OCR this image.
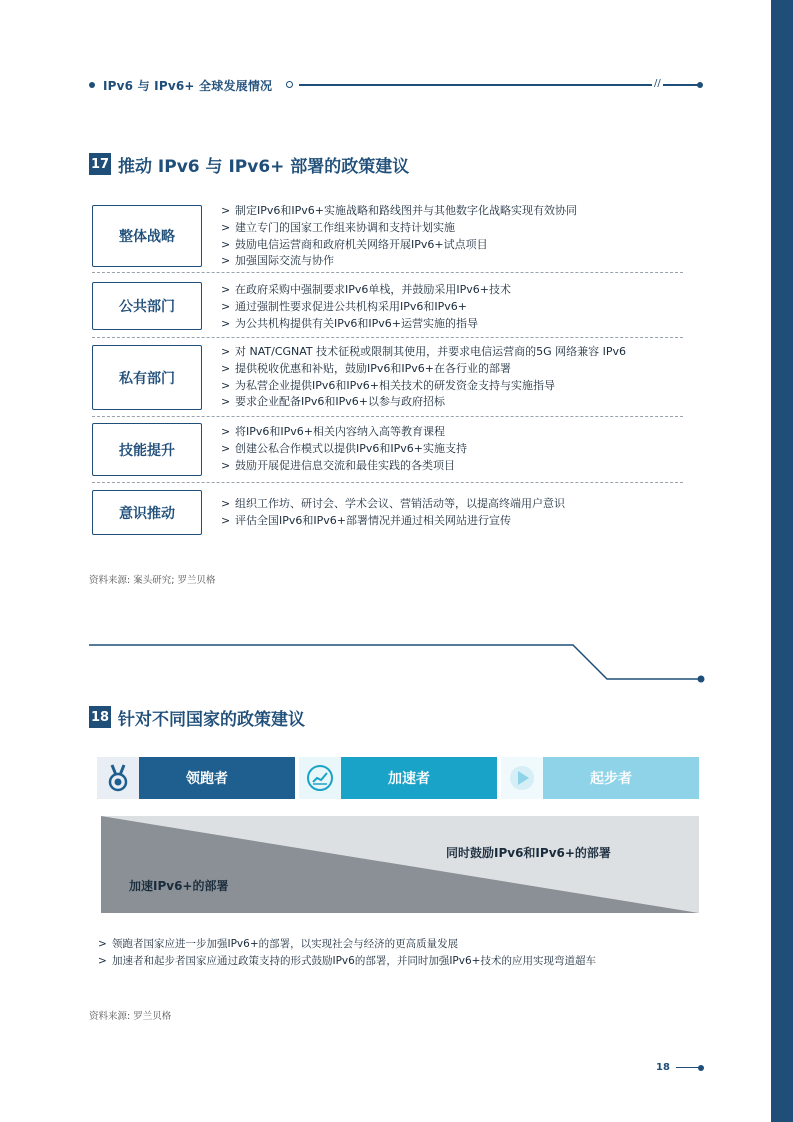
IPv6 与 IPv6+ 全球发展情况	//
17 推动 IPv6 与 IPv6+ 部署的政策建议
整体战略
> 制定IPv6和IPv6+实施战略和路线图并与其他数字化战略实现有效协同
> 建立专门的国家工作组来协调和支持计划实施
> 鼓励电信运营商和政府机关网络开展IPv6+试点项目
> 加强国际交流与协作
公共部门
> 在政府采购中强制要求IPv6单栈，并鼓励采用IPv6+技术
> 通过强制性要求促进公共机构采用IPv6和IPv6+
> 为公共机构提供有关IPv6和IPv6+运营实施的指导
私有部门
> 对 NAT/CGNAT 技术征税或限制其使用，并要求电信运营商的5G 网络兼容 IPv6
> 提供税收优惠和补贴，鼓励IPv6和IPv6+在各行业的部署
> 为私营企业提供IPv6和IPv6+相关技术的研发资金支持与实施指导
> 要求企业配备IPv6和IPv6+以参与政府招标
技能提升
> 将IPv6和IPv6+相关内容纳入高等教育课程
> 创建公私合作模式以提供IPv6和IPv6+实施支持
> 鼓励开展促进信息交流和最佳实践的各类项目
意识推动
> 组织工作坊、研讨会、学术会议、营销活动等，以提高终端用户意识
> 评估全国IPv6和IPv6+部署情况并通过相关网站进行宣传
资料来源: 案头研究; 罗兰贝格
18 针对不同国家的政策建议
领跑者	加速者	起步者
同时鼓励IPv6和IPv6+的部署
加速IPv6+的部署
> 领跑者国家应进一步加强IPv6+的部署，以实现社会与经济的更高质量发展
> 加速者和起步者国家应通过政策支持的形式鼓励IPv6的部署，并同时加强IPv6+技术的应用实现弯道超车
资料来源: 罗兰贝格
18
